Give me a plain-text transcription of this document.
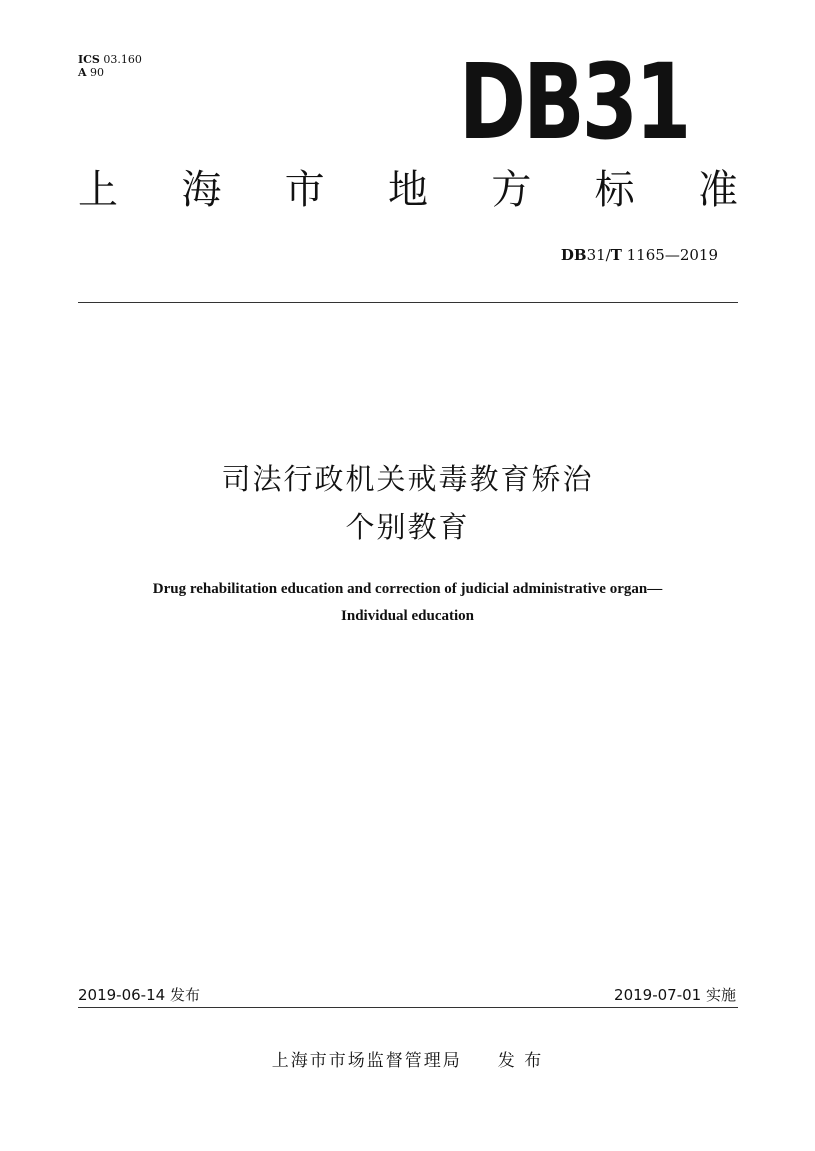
ICS 03.160
A 90	DB31
上 海 市 地 方 标 准
DB31/T 1165—2019
司法行政机关戒毒教育矫治
个别教育
Drug rehabilitation education and correction of judicial administrative organ—
Individual education
2019-06-14 发布	2019-07-01 实施
上海市市场监督管理局 发 布
